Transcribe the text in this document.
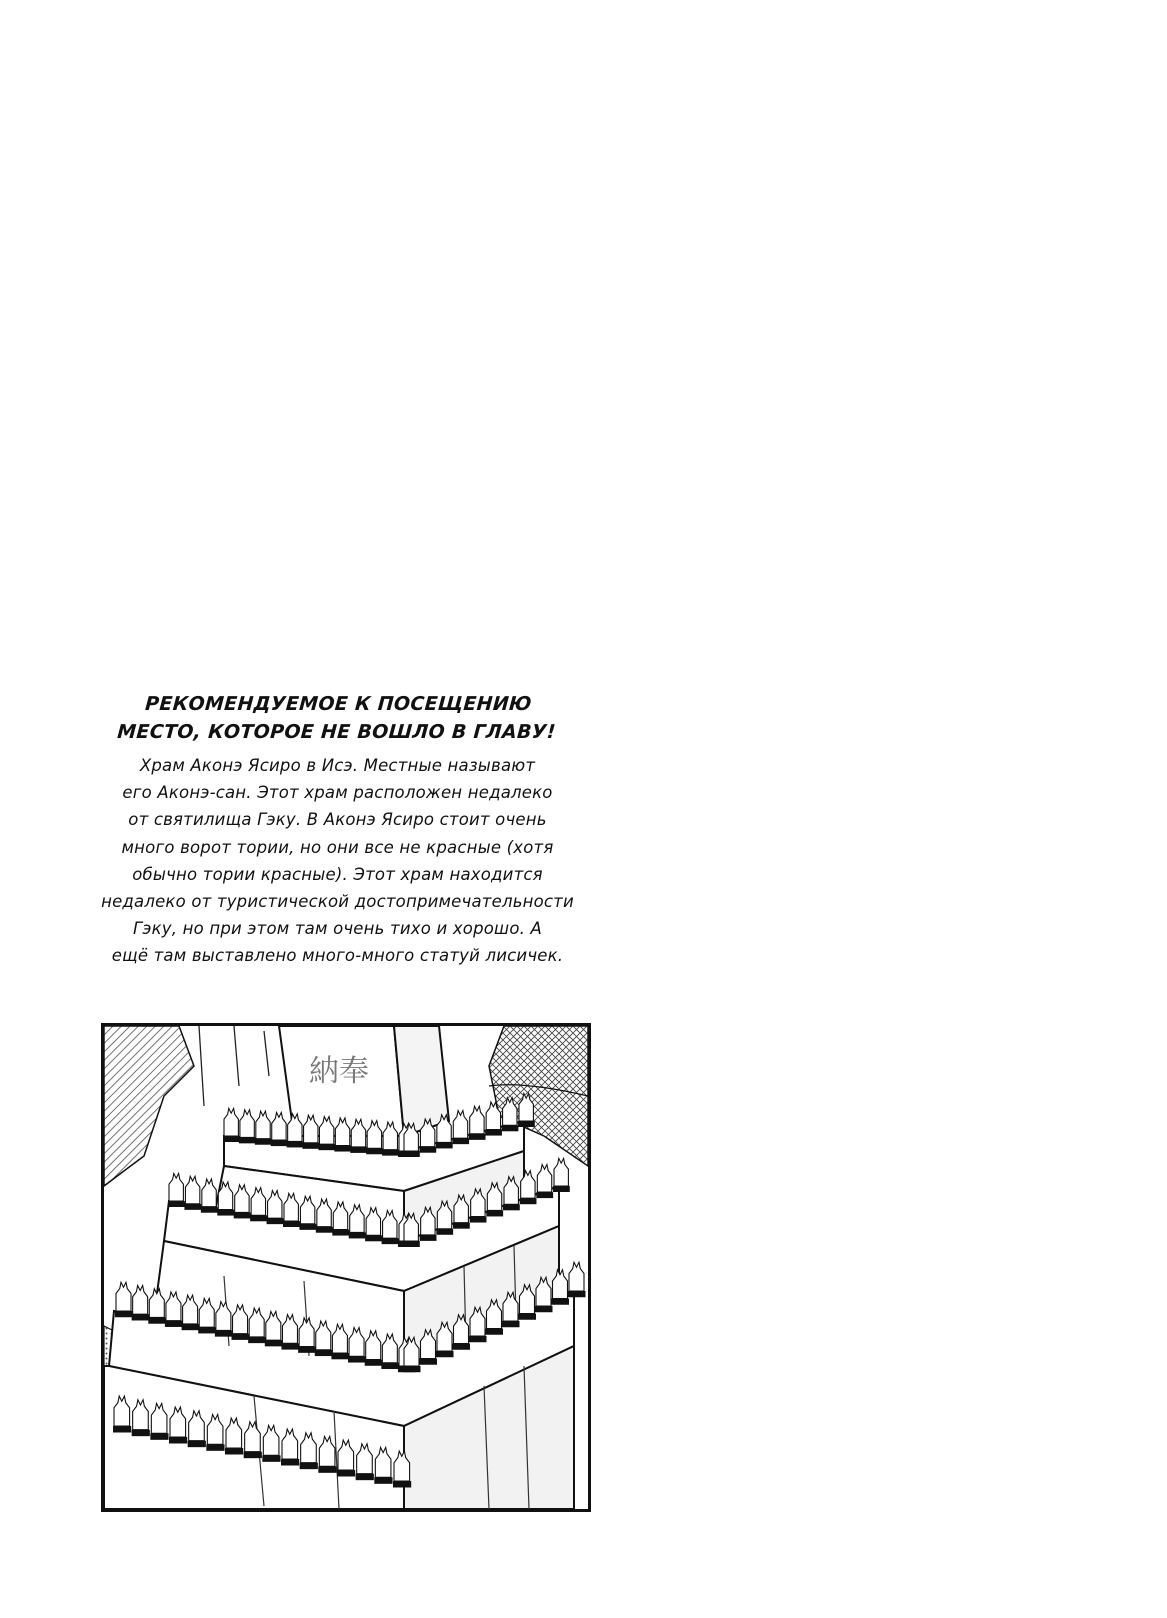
РЕКОМЕНДУЕМОЕ К ПОСЕЩЕНИЮ
МЕСТО, КОТОРОЕ НЕ ВОШЛО В ГЛАВУ!
Храм Аконэ Ясиро в Исэ. Местные называют
его Аконэ-сан. Этот храм расположен недалеко
от святилища Гэку. В Аконэ Ясиро стоит очень
много ворот тории, но они все не красные (хотя
обычно тории красные). Этот храм находится
недалеко от туристической достопримечательности
Гэку, но при этом там очень тихо и хорошо. А
ещё там выставлено много-много статуй лисичек.
納奉
